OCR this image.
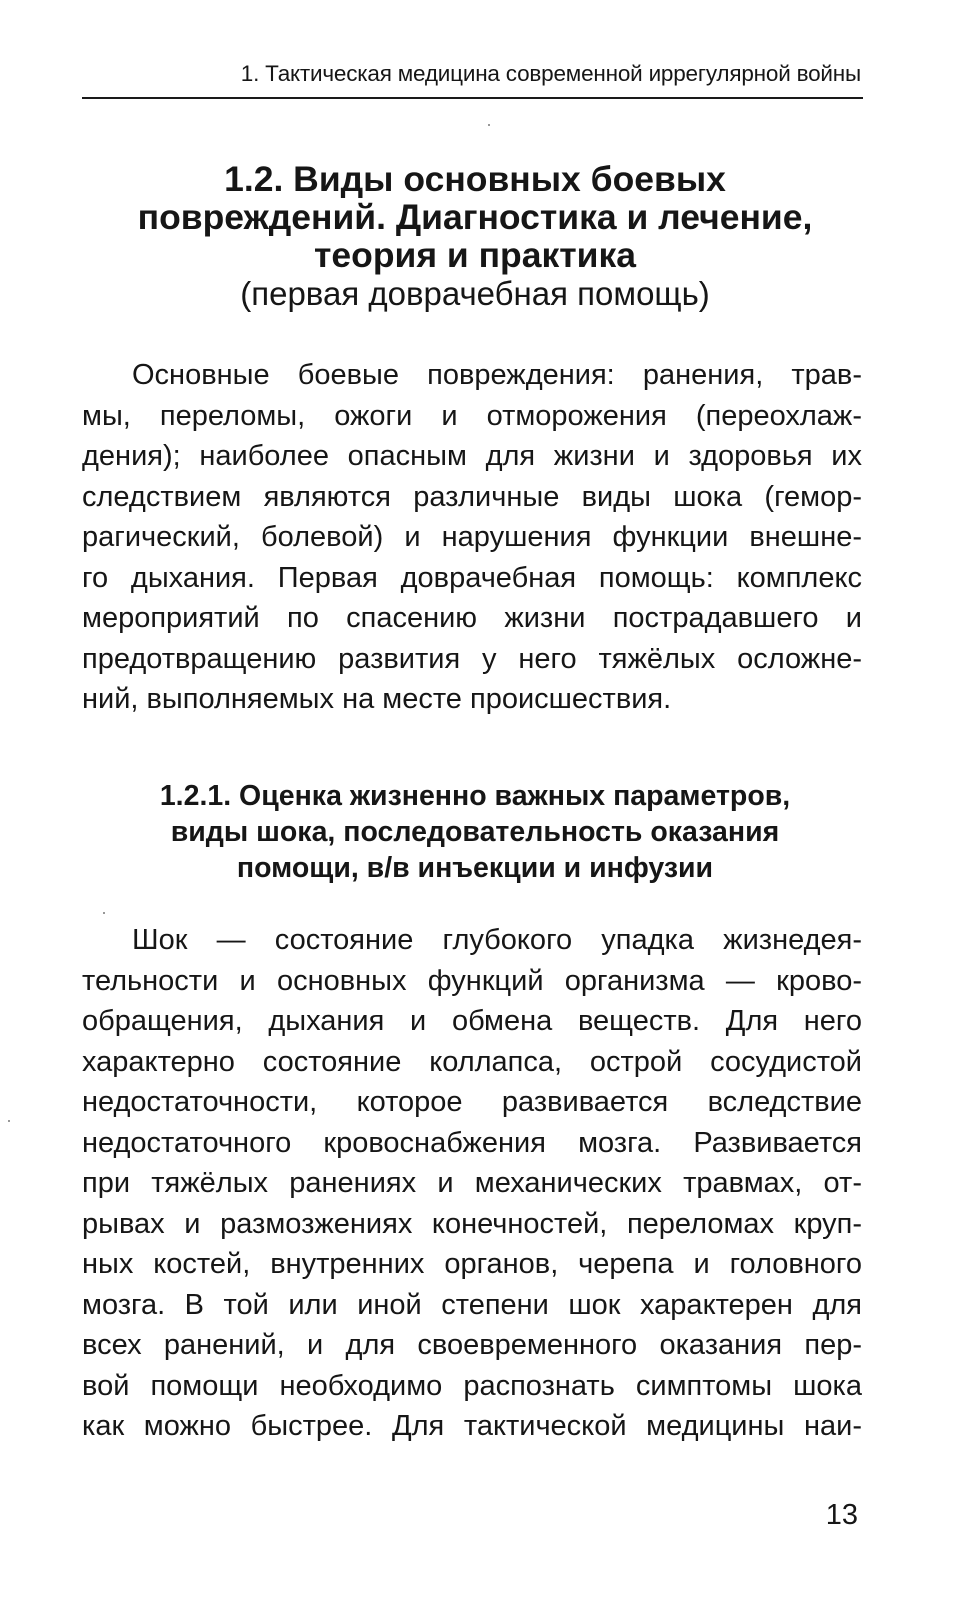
1. Тактическая медицина современной иррегулярной войны
1.2. Виды основных боевых
повреждений. Диагностика и лечение,
теория и практика
(первая доврачебная помощь)
Основные боевые повреждения: ранения, трав-
мы, переломы, ожоги и отморожения (переохлаж-
дения); наиболее опасным для жизни и здоровья их
следствием являются различные виды шока (гемор-
рагический, болевой) и нарушения функции внешне-
го дыхания. Первая доврачебная помощь: комплекс
мероприятий по спасению жизни пострадавшего и
предотвращению развития у него тяжёлых осложне-
ний, выполняемых на месте происшествия.
1.2.1. Оценка жизненно важных параметров,
виды шока, последовательность оказания
помощи, в/в инъекции и инфузии
Шок — состояние глубокого упадка жизнедея-
тельности и основных функций организма — крово-
обращения, дыхания и обмена веществ. Для него
характерно состояние коллапса, острой сосудистой
недостаточности, которое развивается вследствие
недостаточного кровоснабжения мозга. Развивается
при тяжёлых ранениях и механических травмах, от-
рывах и размозжениях конечностей, переломах круп-
ных костей, внутренних органов, черепа и головного
мозга. В той или иной степени шок характерен для
всех ранений, и для своевременного оказания пер-
вой помощи необходимо распознать симптомы шока
как можно быстрее. Для тактической медицины наи-
13
